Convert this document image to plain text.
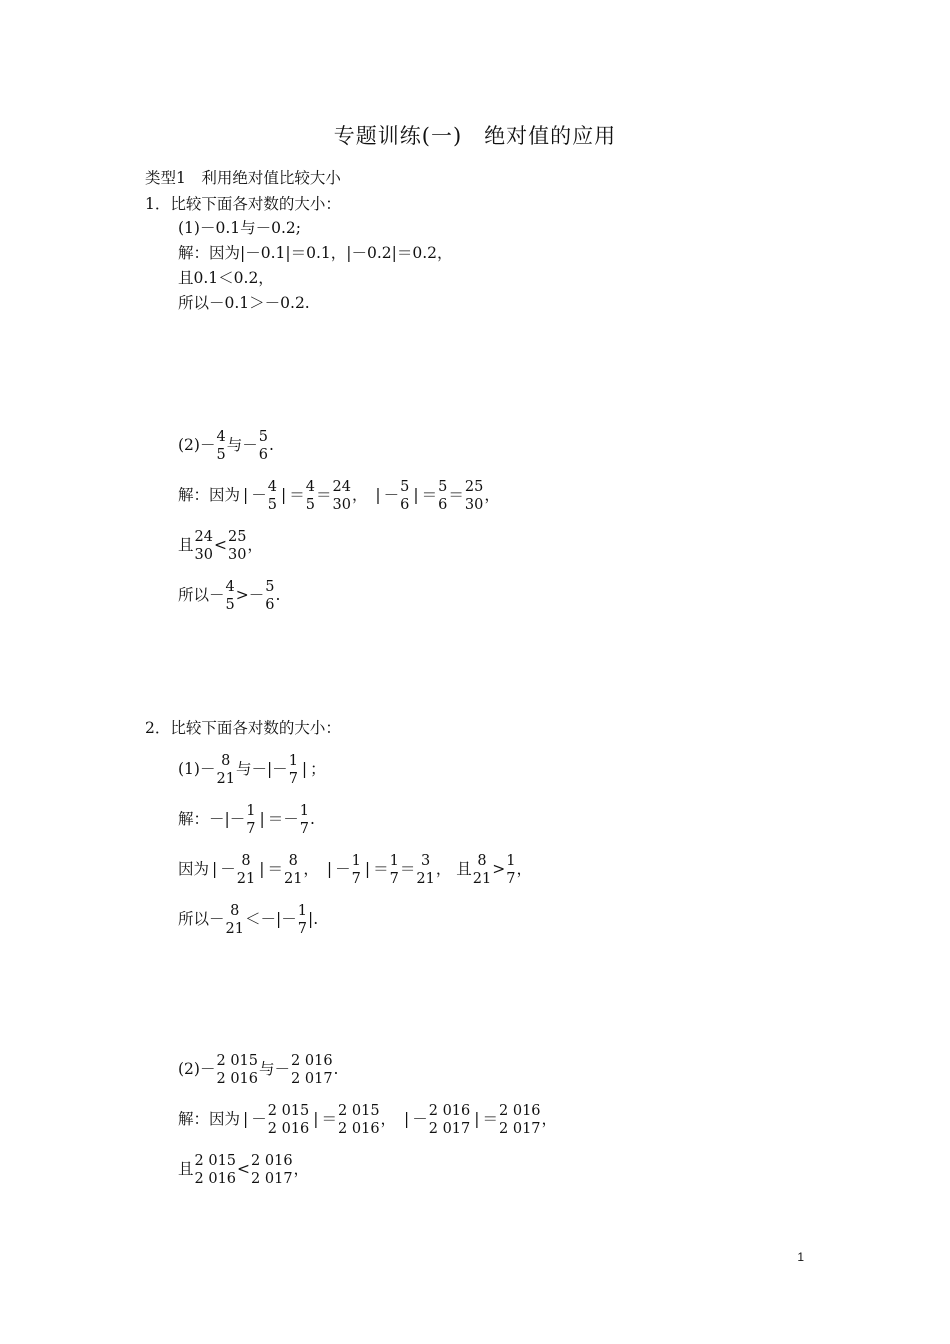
专题训练(一)　绝对值的应用
类型1　利用绝对值比较大小
1．比较下面各对数的大小：
(1)－0.1与－0.2;
解：因为|－0.1|＝0.1，|－0.2|＝0.2，
且0.1＜0.2，
所以－0.1＞－0.2.
(2)－ 4
5
与－ 5
6
.
解：因为 | － 4
5
| ＝ 4
5
＝ 24
30
， | － 5
6
| ＝ 5
6
＝ 25
30
，
且 24
30
< 25
30
，
所以－ 4
5
>－ 5
6
.
2．比较下面各对数的大小：
(1)－ 8
21
与－|－ 1
7
| ；
解：－|－ 1
7
| ＝－ 1
7
.
因为 | － 8
21
| ＝ 8
21
， | － 1
7
| ＝ 1
7
＝ 3
21
， 且 8
21
> 1
7
，
所以－ 8
21
＜－|－ 1
7
|.
(2)－ 2 015
2 016
与－ 2 016
2 017
.
解：因为 | － 2 015
2 016
| ＝ 2 015
2 016
， | － 2 016
2 017
| ＝ 2 016
2 017
，
且 2 015
2 016
< 2 016
2 017
，
1
